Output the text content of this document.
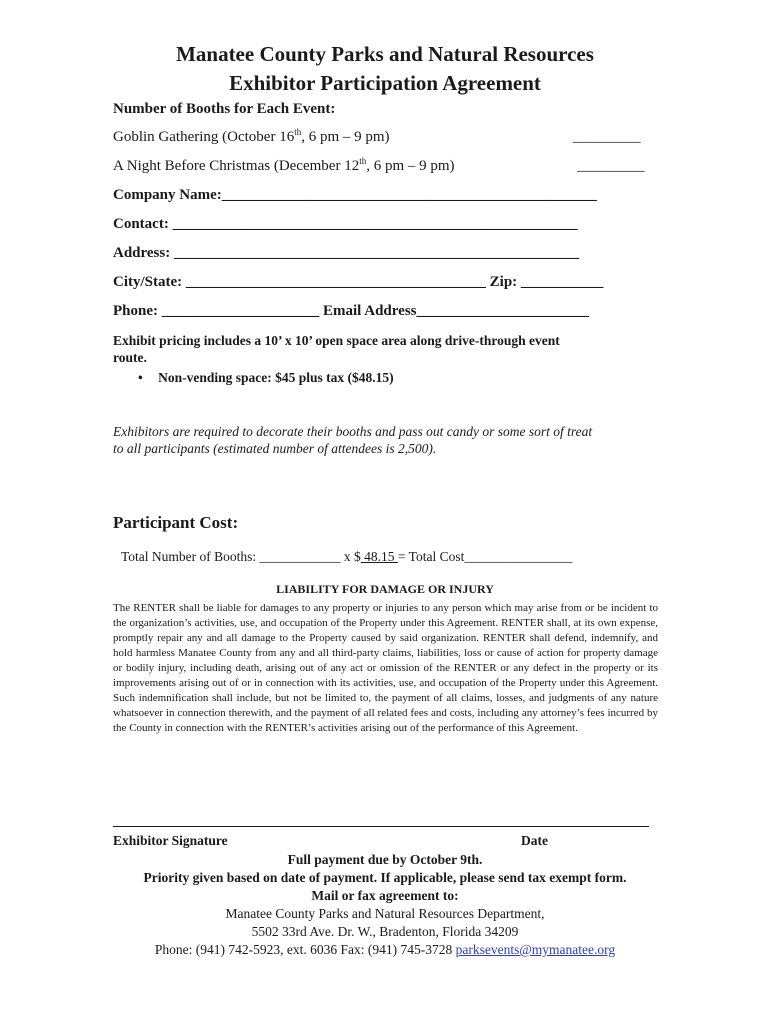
Manatee County Parks and Natural Resources
Exhibitor Participation Agreement
Number of Booths for Each Event:
Goblin Gathering (October 16th, 6 pm – 9 pm)	_________
A Night Before Christmas (December 12th, 6 pm – 9 pm)	_________
Company Name:__________________________________________________
Contact: ______________________________________________________
Address: ______________________________________________________
City/State: ________________________________________ Zip: ___________
Phone: _____________________ Email Address_______________________
Exhibit pricing includes a 10’ x 10’ open space area along drive-through event
route.
• Non-vending space: $45 plus tax ($48.15)
Exhibitors are required to decorate their booths and pass out candy or some sort of treat
to all participants (estimated number of attendees is 2,500).
Participant Cost:
Total Number of Booths: ____________ x $ 48.15 = Total Cost________________
LIABILITY FOR DAMAGE OR INJURY
The RENTER shall be liable for damages to any property or injuries to any person which may arise from or be incident to the organization’s activities, use, and occupation of the Property under this Agreement. RENTER shall, at its own expense, promptly repair any and all damage to the Property caused by said organization. RENTER shall defend, indemnify, and hold harmless Manatee County from any and all third-party claims, liabilities, loss or cause of action for property damage or bodily injury, including death, arising out of any act or omission of the RENTER or any defect in the property or its improvements arising out of or in connection with its activities, use, and occupation of the Property under this Agreement. Such indemnification shall include, but not be limited to, the payment of all claims, losses, and judgments of any nature whatsoever in connection therewith, and the payment of all related fees and costs, including any attorney’s fees incurred by the County in connection with the RENTER’s activities arising out of the performance of this Agreement.
Exhibitor Signature	Date
Full payment due by October 9th.
Priority given based on date of payment. If applicable, please send tax exempt form.
Mail or fax agreement to:
Manatee County Parks and Natural Resources Department,
5502 33rd Ave. Dr. W., Bradenton, Florida 34209
Phone: (941) 742-5923, ext. 6036 Fax: (941) 745-3728 parksevents@mymanatee.org
